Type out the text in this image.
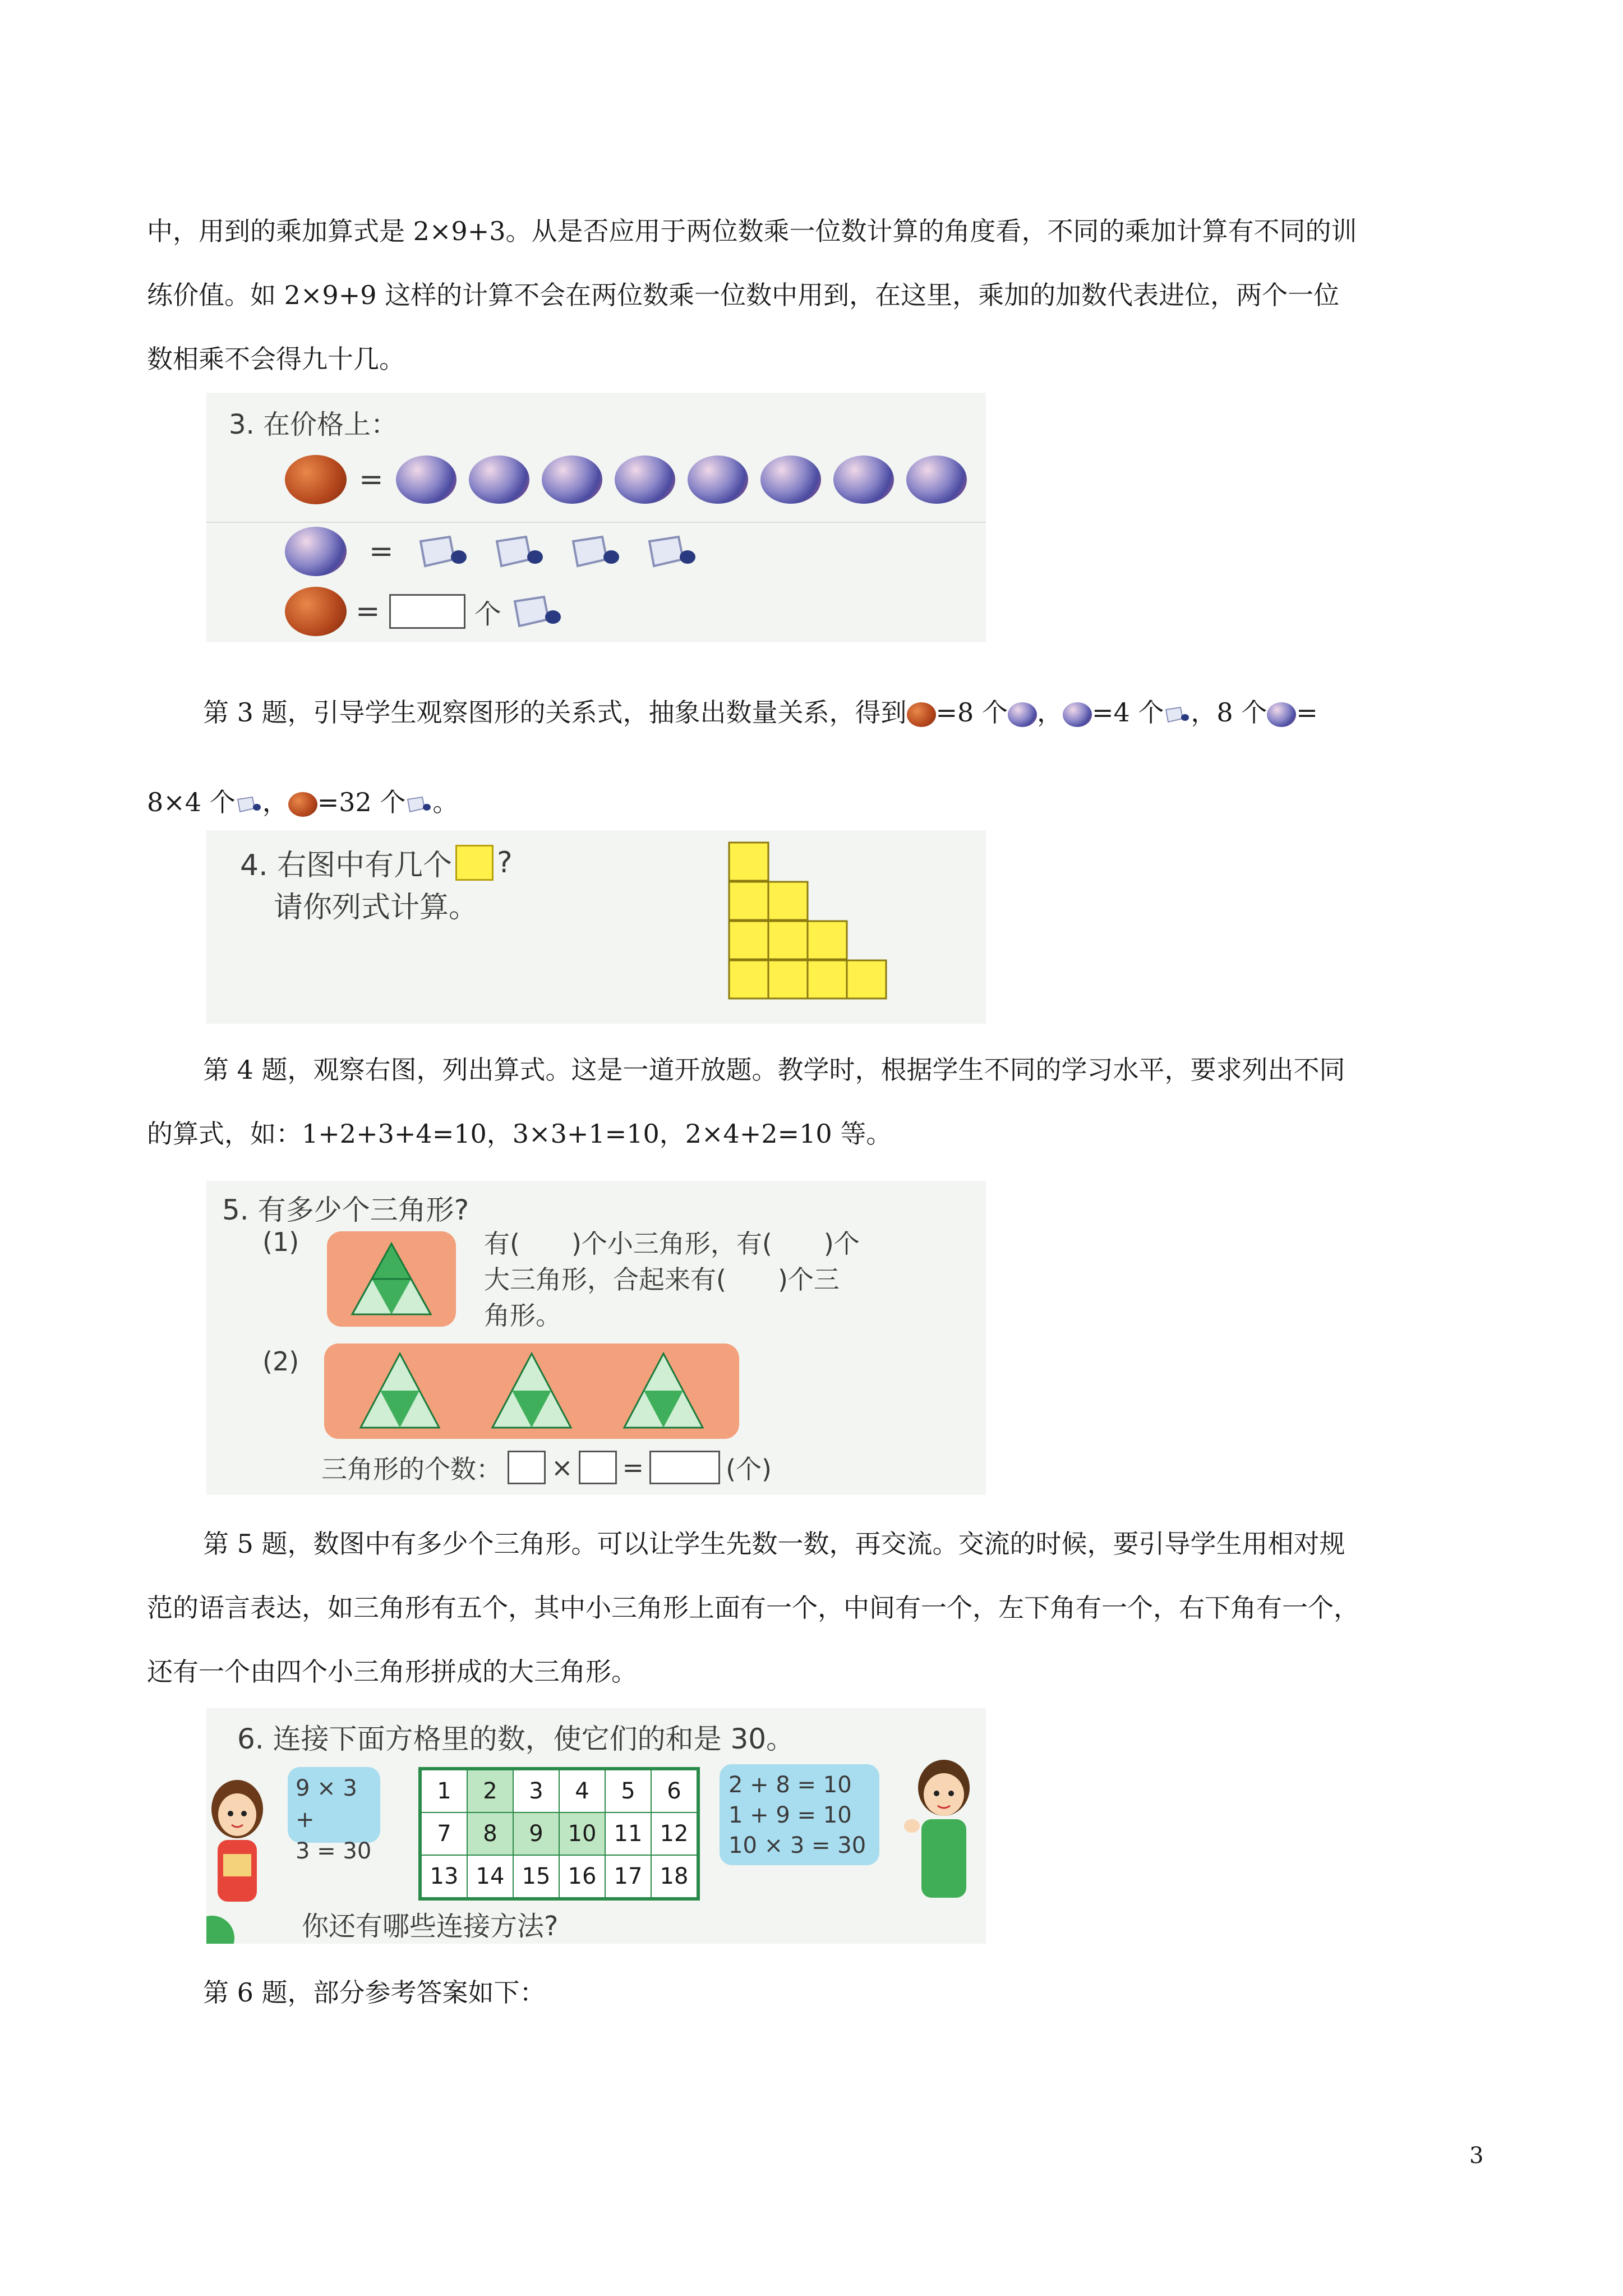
中，用到的乘加算式是 2×9+3。从是否应用于两位数乘一位数计算的角度看，不同的乘加计算有不同的训
练价值。如 2×9+9 这样的计算不会在两位数乘一位数中用到，在这里，乘加的加数代表进位，两个一位
数相乘不会得九十几。
3. 在价格上：
=
=
=	个
第 3 题，引导学生观察图形的关系式，抽象出数量关系，得到 =8 个 ， =4 个 ，8 个 =
8×4 个 ， =32 个 。
4. 右图中有几个 ?
请你列式计算。
第 4 题，观察右图，列出算式。这是一道开放题。教学时，根据学生不同的学习水平，要求列出不同
的算式，如：1+2+3+4=10，3×3+1=10，2×4+2=10 等。
5. 有多少个三角形?
(1)	有(　　)个小三角形，有(　　)个
大三角形，合起来有(　　)个三
角形。
(2)
三角形的个数： × =	(个)
第 5 题，数图中有多少个三角形。可以让学生先数一数，再交流。交流的时候，要引导学生用相对规
范的语言表达，如三角形有五个，其中小三角形上面有一个，中间有一个，左下角有一个，右下角有一个，
还有一个由四个小三角形拼成的大三角形。
6. 连接下面方格里的数，使它们的和是 30。
9 × 3 +
3 = 30
1	2	3	4	5	6
7	8	9	10	11	12
13	14	15	16	17	18
2 + 8 = 10
1 + 9 = 10
10 × 3 = 30
你还有哪些连接方法?
第 6 题，部分参考答案如下：
3
